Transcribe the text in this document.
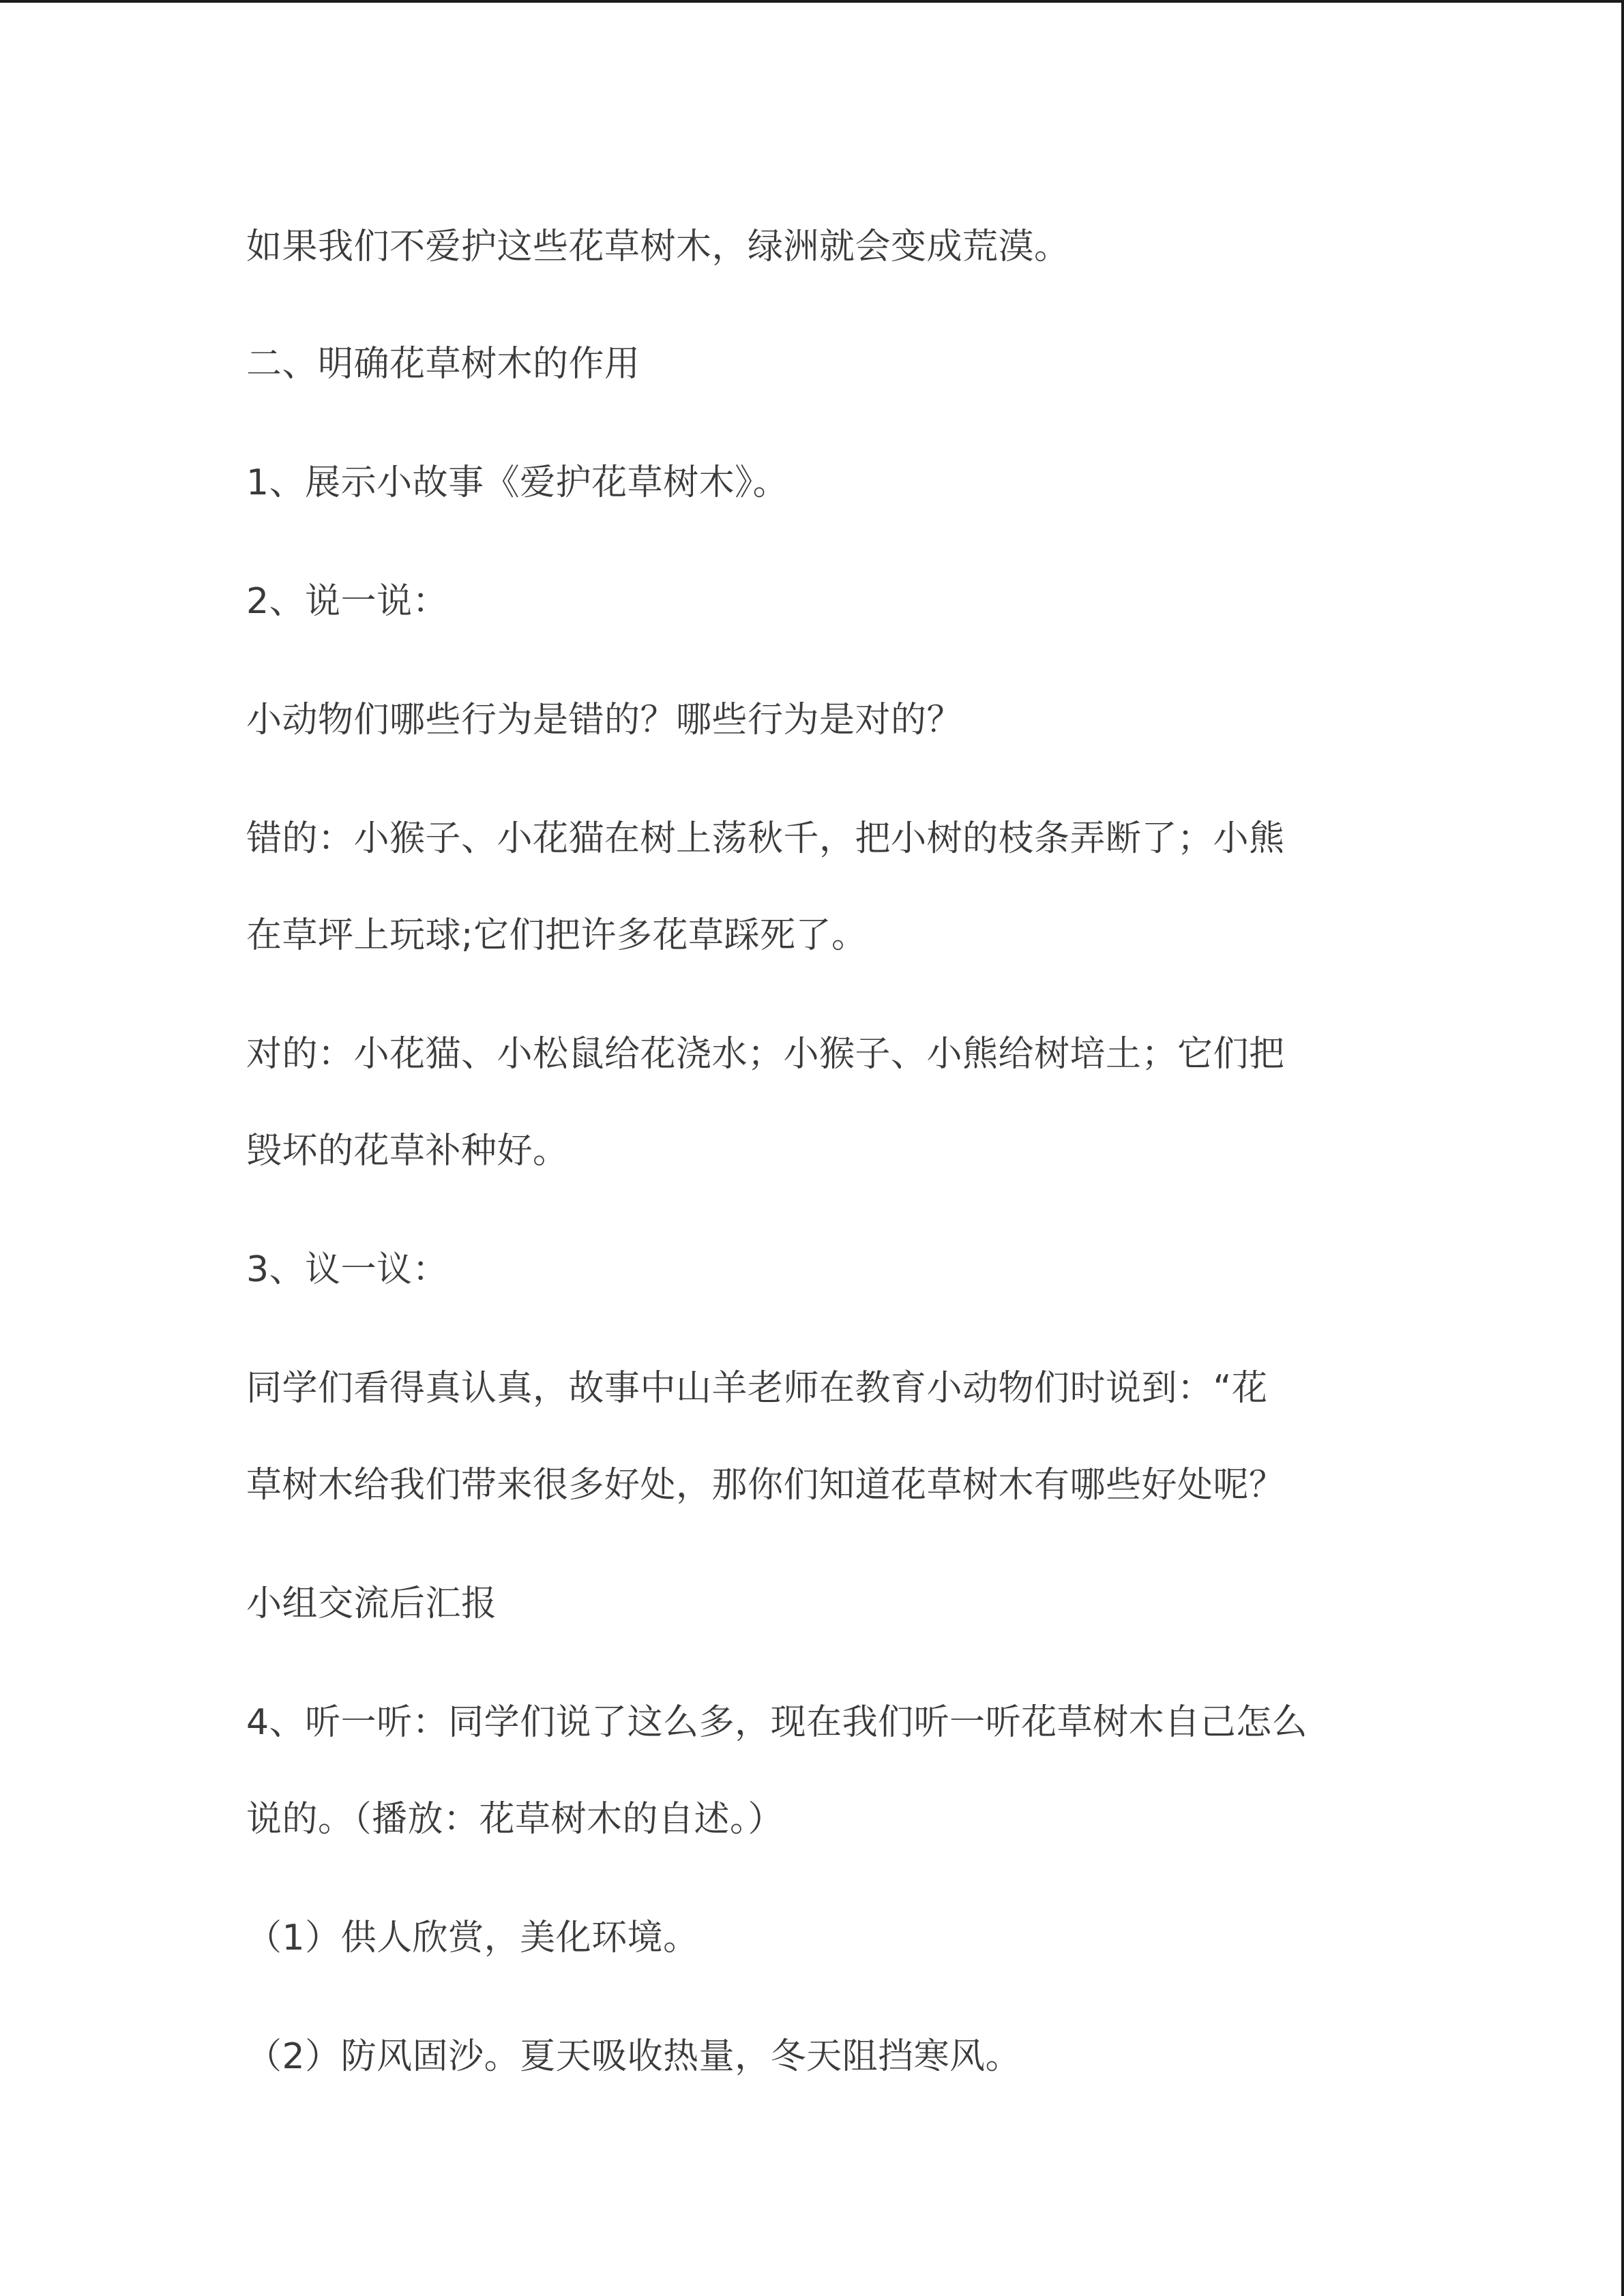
如果我们不爱护这些花草树木，绿洲就会变成荒漠。
二、明确花草树木的作用
1、展示小故事《爱护花草树木》。
2、说一说：
小动物们哪些行为是错的？哪些行为是对的？
错的：小猴子、小花猫在树上荡秋千，把小树的枝条弄断了；小熊
在草坪上玩球;它们把许多花草踩死了。
对的：小花猫、小松鼠给花浇水；小猴子、小熊给树培土；它们把
毁坏的花草补种好。
3、议一议：
同学们看得真认真，故事中山羊老师在教育小动物们时说到：“花
草树木给我们带来很多好处，那你们知道花草树木有哪些好处呢？
小组交流后汇报
4、听一听：同学们说了这么多，现在我们听一听花草树木自己怎么
说的。（播放：花草树木的自述。）
（1）供人欣赏，美化环境。
（2）防风固沙。夏天吸收热量，冬天阻挡寒风。
